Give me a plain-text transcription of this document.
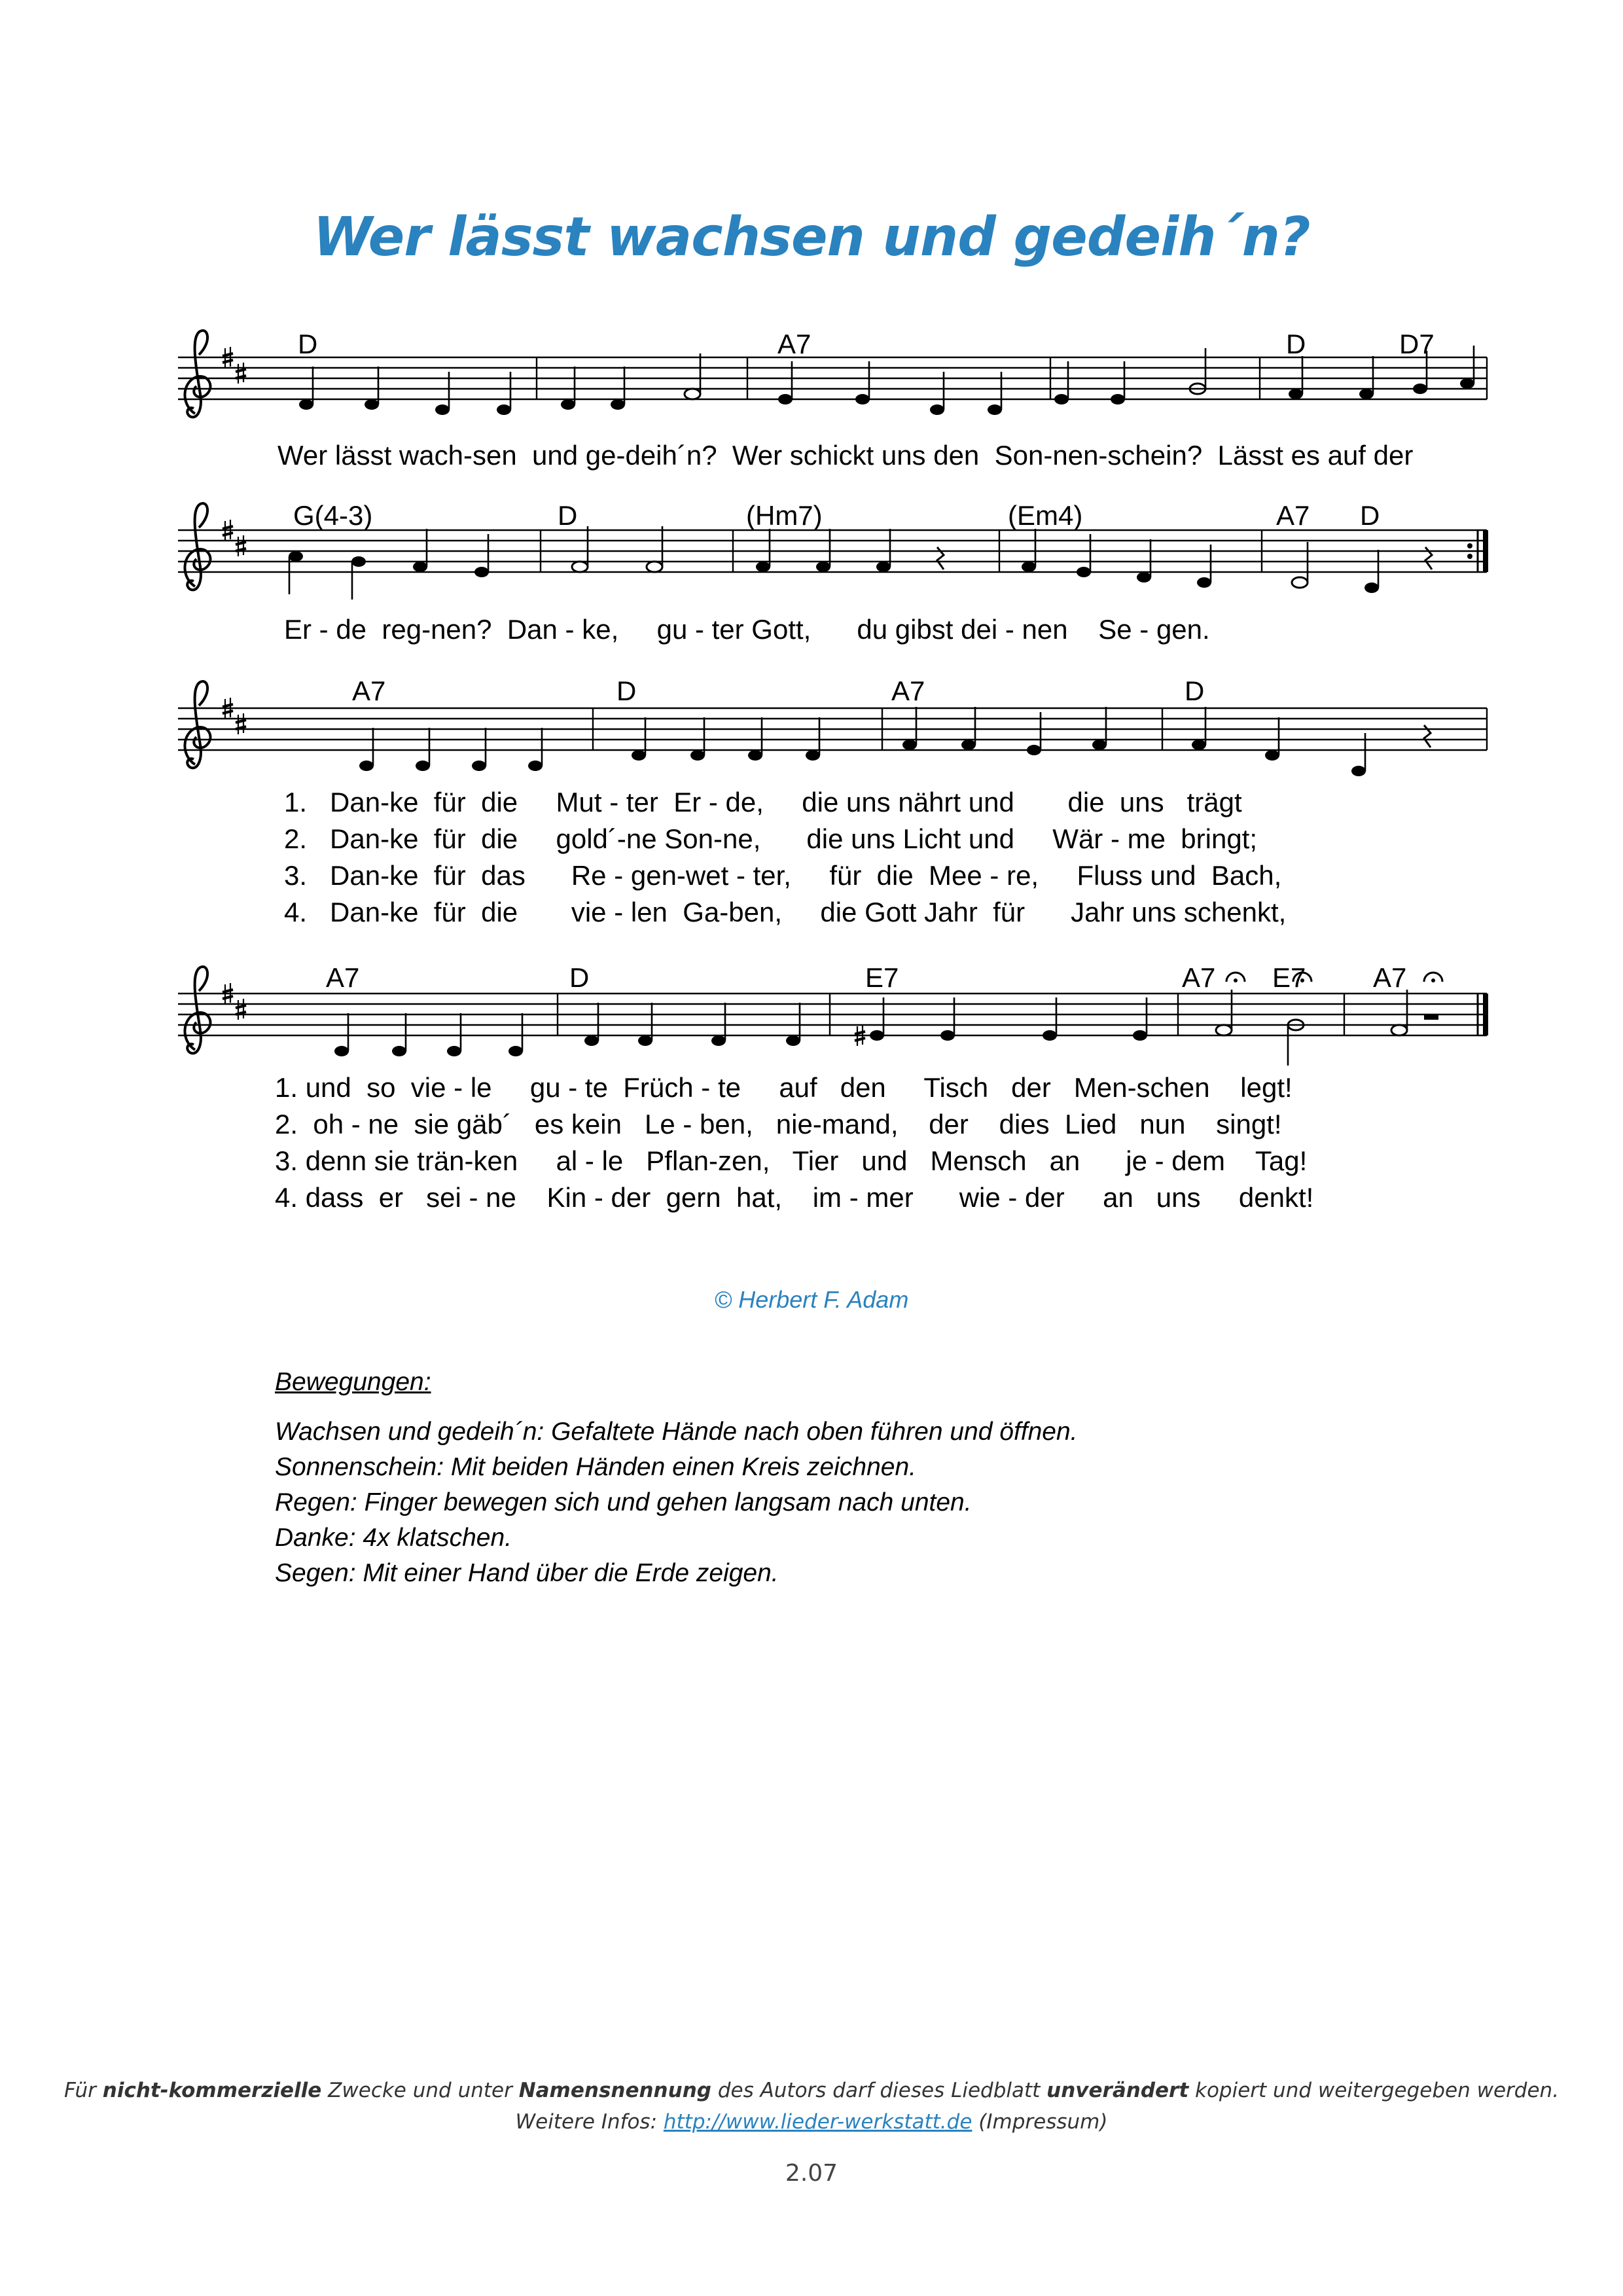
Wer lässt wachsen und gedeih´n?
D	A7	D	D7
G(4-3)	D	(Hm7)	(Em4)	A7 D
A7	D	A7	D
A7	D	E7	A7 E7 A7
Wer lässt wach-sen  und ge-deih´n?  Wer schickt uns den  Son-nen-schein?  Lässt es auf der
Er - de  reg-nen?  Dan - ke,     gu - ter Gott,      du gibst dei - nen    Se - gen.
1.   Dan-ke  für  die     Mut - ter  Er - de,     die uns nährt und       die  uns   trägt
2.   Dan-ke  für  die     gold´-ne Son-ne,      die uns Licht und     Wär - me  bringt;
3.   Dan-ke  für  das      Re - gen-wet - ter,     für  die  Mee - re,     Fluss und  Bach,
4.   Dan-ke  für  die       vie - len  Ga-ben,     die Gott Jahr  für      Jahr uns schenkt,
1. und  so  vie - le     gu - te  Früch - te     auf   den     Tisch   der   Men-schen    legt!
2.  oh - ne  sie gäb´   es kein   Le - ben,   nie-mand,    der    dies  Lied   nun    singt!
3. denn sie trän-ken     al - le   Pflan-zen,   Tier   und   Mensch   an      je - dem    Tag!
4. dass  er   sei - ne    Kin - der  gern  hat,    im - mer      wie - der     an   uns     denkt!
© Herbert F. Adam
Bewegungen:
Wachsen und gedeih´n: Gefaltete Hände nach oben führen und öffnen.
Sonnenschein: Mit beiden Händen einen Kreis zeichnen.
Regen: Finger bewegen sich und gehen langsam nach unten.
Danke: 4x klatschen.
Segen: Mit einer Hand über die Erde zeigen.
Für nicht-kommerzielle Zwecke und unter Namensnennung des Autors darf dieses Liedblatt unverändert kopiert und weitergegeben werden.
Weitere Infos: http://www.lieder-werkstatt.de (Impressum)
2.07
